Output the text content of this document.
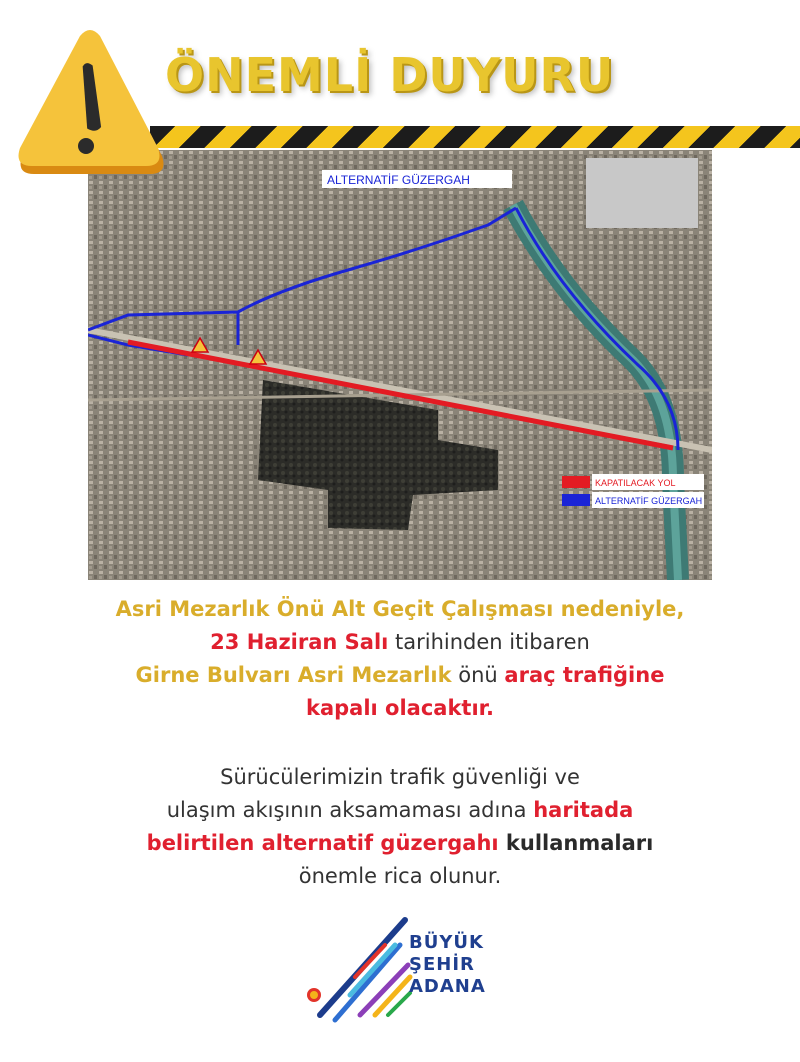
ÖNEMLİ DUYURU
ALTERNATİF GÜZERGAH
KAPATILACAK YOL
ALTERNATİF GÜZERGAH
Asri Mezarlık Önü Alt Geçit Çalışması nedeniyle,
23 Haziran Salı tarihinden itibaren
Girne Bulvarı Asri Mezarlık önü araç trafiğine
kapalı olacaktır.
Sürücülerimizin trafik güvenliği ve
ulaşım akışının aksamaması adına haritada
belirtilen alternatif güzergahı kullanmaları
önemle rica olunur.
BÜYÜK
ŞEHİR
ADANA
